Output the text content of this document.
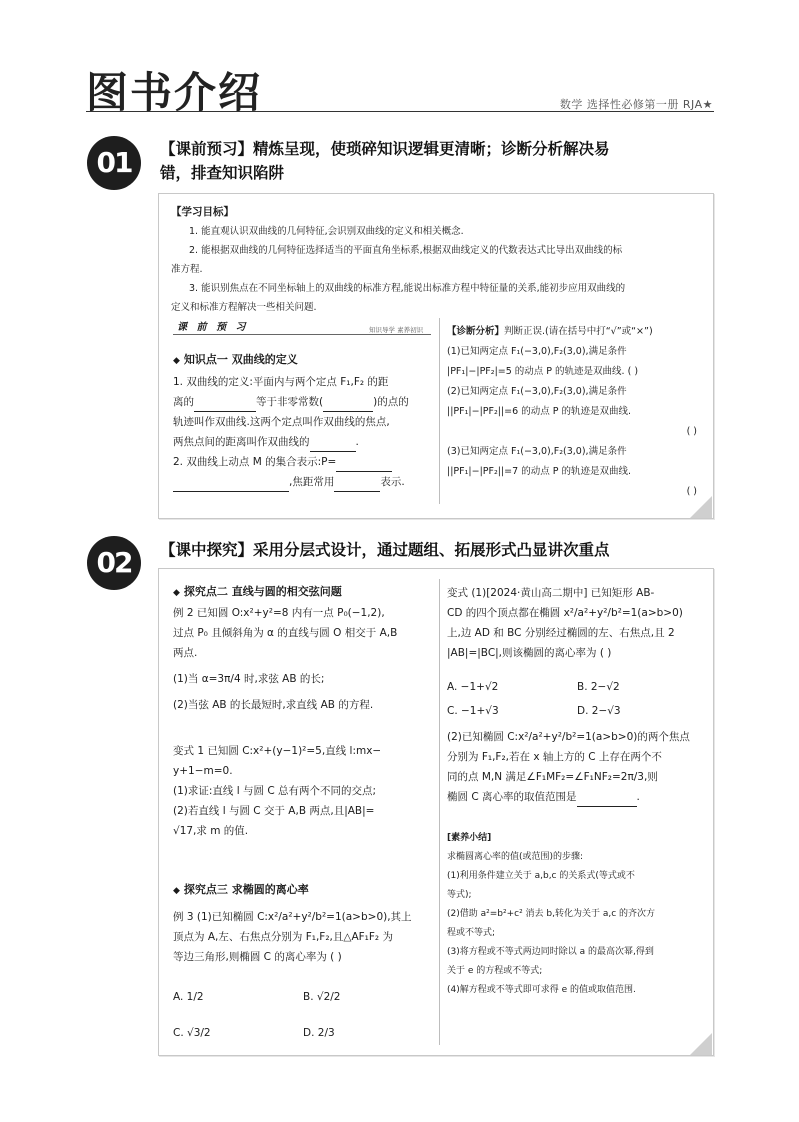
图书介绍	数学 选择性必修第一册 RJA★
01	【课前预习】精炼呈现，使琐碎知识逻辑更清晰；诊断分析解决易
错，排查知识陷阱
【学习目标】
1. 能直观认识双曲线的几何特征,会识别双曲线的定义和相关概念.
2. 能根据双曲线的几何特征选择适当的平面直角坐标系,根据双曲线定义的代数表达式比导出双曲线的标
准方程.
3. 能识别焦点在不同坐标轴上的双曲线的标准方程,能说出标准方程中特征量的关系,能初步应用双曲线的
定义和标准方程解决一些相关问题.
课 前 预 习	知识导学 素养初识
◆ 知识点一 双曲线的定义
1. 双曲线的定义:平面内与两个定点 F₁,F₂ 的距
离的	等于非零常数(	)的点的
轨迹叫作双曲线.这两个定点叫作双曲线的焦点,
两焦点间的距离叫作双曲线的	.
2. 双曲线上动点 M 的集合表示:P=
,焦距常用	表示.
【诊断分析】判断正误.(请在括号中打“√”或“×”)
(1)已知两定点 F₁(−3,0),F₂(3,0),满足条件
|PF₁|−|PF₂|=5 的动点 P 的轨迹是双曲线. ( )
(2)已知两定点 F₁(−3,0),F₂(3,0),满足条件
||PF₁|−|PF₂||=6 的动点 P 的轨迹是双曲线.
( )
(3)已知两定点 F₁(−3,0),F₂(3,0),满足条件
||PF₁|−|PF₂||=7 的动点 P 的轨迹是双曲线.
( )
02	【课中探究】采用分层式设计，通过题组、拓展形式凸显讲次重点
◆ 探究点二 直线与圆的相交弦问题
例 2 已知圆 O:x²+y²=8 内有一点 P₀(−1,2),
过点 P₀ 且倾斜角为 α 的直线与圆 O 相交于 A,B
两点.
(1)当 α=3π/4 时,求弦 AB 的长;
(2)当弦 AB 的长最短时,求直线 AB 的方程.
变式 1 已知圆 C:x²+(y−1)²=5,直线 l:mx−
y+1−m=0.
(1)求证:直线 l 与圆 C 总有两个不同的交点;
(2)若直线 l 与圆 C 交于 A,B 两点,且|AB|=
√17,求 m 的值.
◆ 探究点三 求椭圆的离心率
例 3 (1)已知椭圆 C:x²/a²+y²/b²=1(a>b>0),其上
顶点为 A,左、右焦点分别为 F₁,F₂,且△AF₁F₂ 为
等边三角形,则椭圆 C 的离心率为 ( )
A. 1/2	B. √2/2
C. √3/2	D. 2/3
变式 (1)[2024·黄山高二期中] 已知矩形 AB-
CD 的四个顶点都在椭圆 x²/a²+y²/b²=1(a>b>0)
上,边 AD 和 BC 分别经过椭圆的左、右焦点,且 2
|AB|=|BC|,则该椭圆的离心率为 ( )
A. −1+√2	B. 2−√2
C. −1+√3	D. 2−√3
(2)已知椭圆 C:x²/a²+y²/b²=1(a>b>0)的两个焦点
分别为 F₁,F₂,若在 x 轴上方的 C 上存在两个不
同的点 M,N 满足∠F₁MF₂=∠F₁NF₂=2π/3,则
椭圆 C 离心率的取值范围是	.
[素养小结]
求椭圆离心率的值(或范围)的步骤:
(1)利用条件建立关于 a,b,c 的关系式(等式或不
等式);
(2)借助 a²=b²+c² 消去 b,转化为关于 a,c 的齐次方
程或不等式;
(3)将方程或不等式两边同时除以 a 的最高次幂,得到
关于 e 的方程或不等式;
(4)解方程或不等式即可求得 e 的值或取值范围.
